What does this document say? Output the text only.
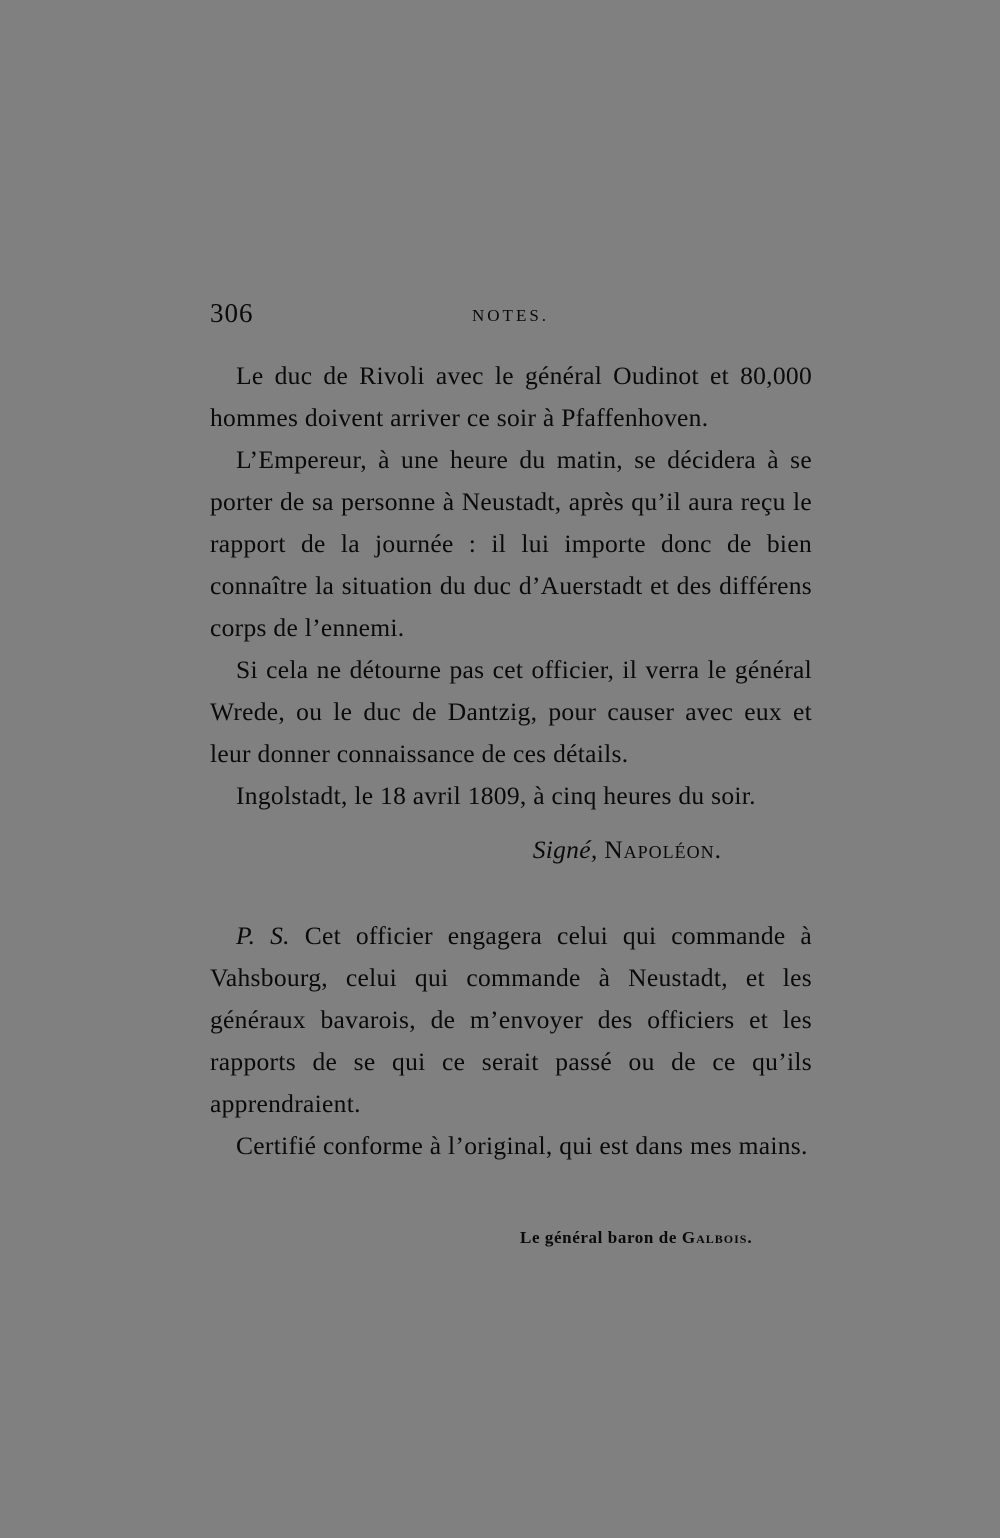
306	NOTES.

Le duc de Rivoli avec le général Oudinot et 80,000 hommes doivent arriver ce soir à Pfaffenhoven.

L’Empereur, à une heure du matin, se décidera à se porter de sa personne à Neustadt, après qu’il aura reçu le rapport de la journée : il lui importe donc de bien connaître la situation du duc d’Auerstadt et des différens corps de l’ennemi.

Si cela ne détourne pas cet officier, il verra le général Wrede, ou le duc de Dantzig, pour causer avec eux et leur donner connaissance de ces détails.

Ingolstadt, le 18 avril 1809, à cinq heures du soir.

Signé, Napoléon.

P. S. Cet officier engagera celui qui commande à Vahsbourg, celui qui commande à Neustadt, et les généraux bavarois, de m’envoyer des officiers et les rapports de se qui ce serait passé ou de ce qu’ils apprendraient.

Certifié conforme à l’original, qui est dans mes mains.

Le général baron de Galbois.
